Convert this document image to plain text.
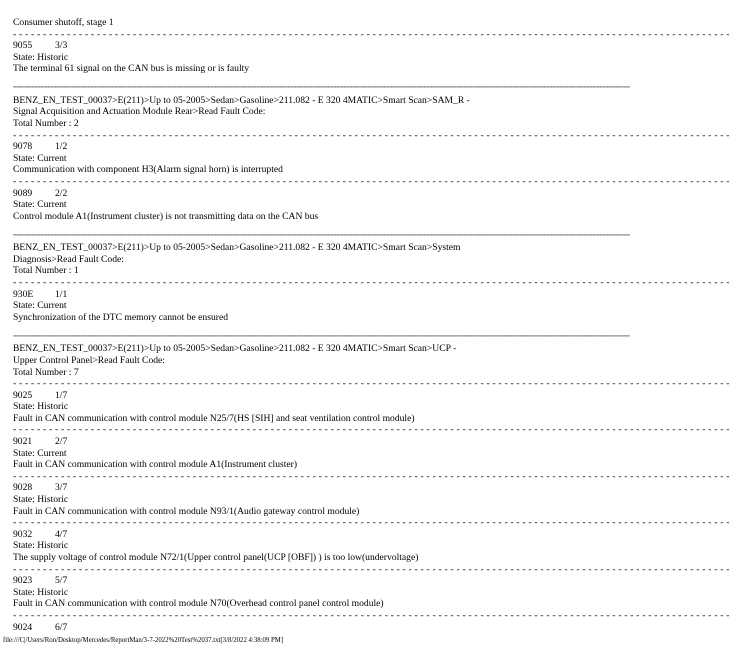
Consumer shutoff, stage 1
- - - - - - - - - - - - - - - - - - - - - - - - - - - - - - - - - - - - - - - - - - - - - - - - - - - - - - - - - - - - - - - - - - - - - - - - - - - - - - - - - - - - - - - - - - - - - - - - - - - - - - - - - - - - - - - - - - - - - - - -
9055 3/3
State: Historic
The terminal 61 signal on the CAN bus is missing or is faulty
========================================================================================================================================================================================================
BENZ_EN_TEST_00037>E(211)>Up to 05-2005>Sedan>Gasoline>211.082 - E 320 4MATIC>Smart Scan>SAM_R -
Signal Acquisition and Actuation Module Rear>Read Fault Code:
Total Number : 2
- - - - - - - - - - - - - - - - - - - - - - - - - - - - - - - - - - - - - - - - - - - - - - - - - - - - - - - - - - - - - - - - - - - - - - - - - - - - - - - - - - - - - - - - - - - - - - - - - - - - - - - - - - - - - - - - - - - - - - - -
9078 1/2
State: Current
Communication with component H3(Alarm signal horn) is interrupted
- - - - - - - - - - - - - - - - - - - - - - - - - - - - - - - - - - - - - - - - - - - - - - - - - - - - - - - - - - - - - - - - - - - - - - - - - - - - - - - - - - - - - - - - - - - - - - - - - - - - - - - - - - - - - - - - - - - - - - - -
9089 2/2
State: Current
Control module A1(Instrument cluster) is not transmitting data on the CAN bus
========================================================================================================================================================================================================
BENZ_EN_TEST_00037>E(211)>Up to 05-2005>Sedan>Gasoline>211.082 - E 320 4MATIC>Smart Scan>System
Diagnosis>Read Fault Code:
Total Number : 1
- - - - - - - - - - - - - - - - - - - - - - - - - - - - - - - - - - - - - - - - - - - - - - - - - - - - - - - - - - - - - - - - - - - - - - - - - - - - - - - - - - - - - - - - - - - - - - - - - - - - - - - - - - - - - - - - - - - - - - - -
930E 1/1
State: Current
Synchronization of the DTC memory cannot be ensured
========================================================================================================================================================================================================
BENZ_EN_TEST_00037>E(211)>Up to 05-2005>Sedan>Gasoline>211.082 - E 320 4MATIC>Smart Scan>UCP -
Upper Control Panel>Read Fault Code:
Total Number : 7
- - - - - - - - - - - - - - - - - - - - - - - - - - - - - - - - - - - - - - - - - - - - - - - - - - - - - - - - - - - - - - - - - - - - - - - - - - - - - - - - - - - - - - - - - - - - - - - - - - - - - - - - - - - - - - - - - - - - - - - -
9025 1/7
State: Historic
Fault in CAN communication with control module N25/7(HS [SIH] and seat ventilation control module)
- - - - - - - - - - - - - - - - - - - - - - - - - - - - - - - - - - - - - - - - - - - - - - - - - - - - - - - - - - - - - - - - - - - - - - - - - - - - - - - - - - - - - - - - - - - - - - - - - - - - - - - - - - - - - - - - - - - - - - - -
9021 2/7
State: Current
Fault in CAN communication with control module A1(Instrument cluster)
- - - - - - - - - - - - - - - - - - - - - - - - - - - - - - - - - - - - - - - - - - - - - - - - - - - - - - - - - - - - - - - - - - - - - - - - - - - - - - - - - - - - - - - - - - - - - - - - - - - - - - - - - - - - - - - - - - - - - - - -
9028 3/7
State: Historic
Fault in CAN communication with control module N93/1(Audio gateway control module)
- - - - - - - - - - - - - - - - - - - - - - - - - - - - - - - - - - - - - - - - - - - - - - - - - - - - - - - - - - - - - - - - - - - - - - - - - - - - - - - - - - - - - - - - - - - - - - - - - - - - - - - - - - - - - - - - - - - - - - - -
9032 4/7
State: Historic
The supply voltage of control module N72/1(Upper control panel(UCP [OBF]) ) is too low(undervoltage)
- - - - - - - - - - - - - - - - - - - - - - - - - - - - - - - - - - - - - - - - - - - - - - - - - - - - - - - - - - - - - - - - - - - - - - - - - - - - - - - - - - - - - - - - - - - - - - - - - - - - - - - - - - - - - - - - - - - - - - - -
9023 5/7
State: Historic
Fault in CAN communication with control module N70(Overhead control panel control module)
- - - - - - - - - - - - - - - - - - - - - - - - - - - - - - - - - - - - - - - - - - - - - - - - - - - - - - - - - - - - - - - - - - - - - - - - - - - - - - - - - - - - - - - - - - - - - - - - - - - - - - - - - - - - - - - - - - - - - - - -
9024 6/7
file:///C|/Users/Ron/Desktop/Mercedes/ReportMan/3-7-2022%20Test%2037.txt[3/8/2022 4:38:09 PM]
